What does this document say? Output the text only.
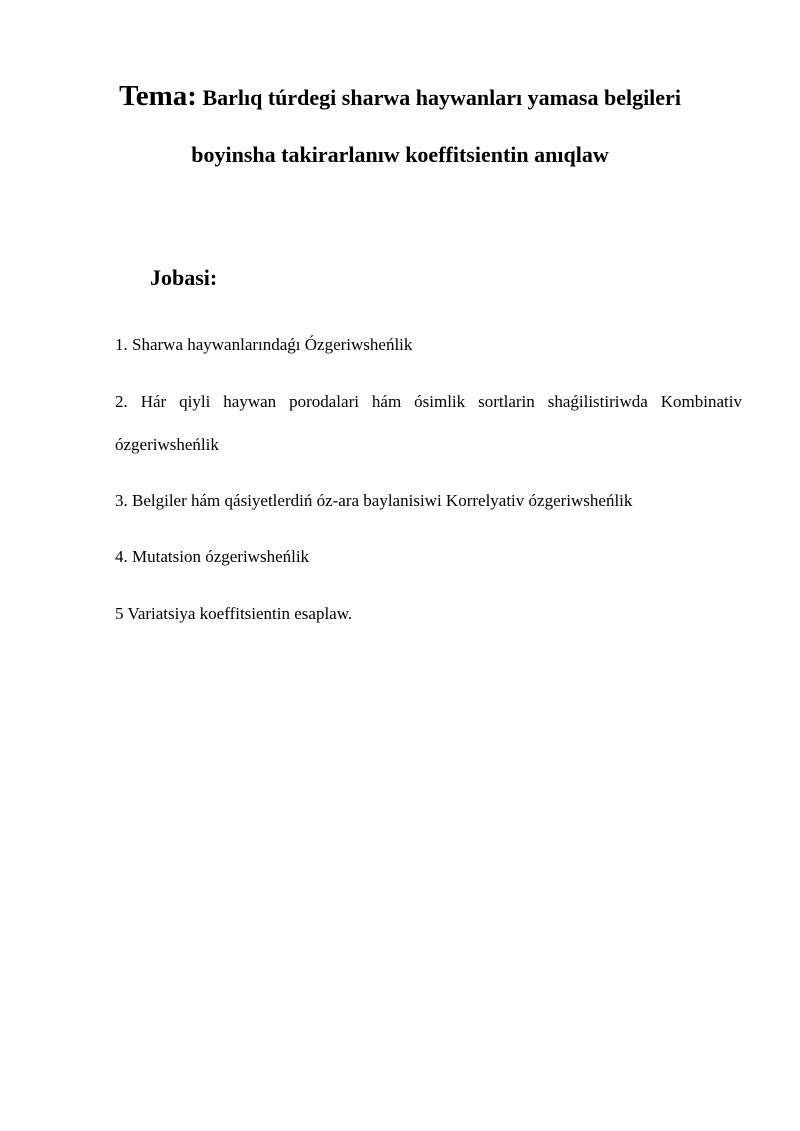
Tema: Barlıq túrdegi sharwa haywanları yamasa belgileri
boyinsha takirarlanıw koeffitsientin anıqlaw
Jobasi:
1. Sharwa haywanlarındaǵı Ózgeriwsheńlik
2. Hár qiyli haywan porodalari hám ósimlik sortlarin shaǵilistiriwda Kombinativ
ózgeriwsheńlik
3. Belgiler hám qásiyetlerdiń óz-ara baylanisiwi Korrelyativ ózgeriwsheńlik
4. Mutatsion ózgeriwsheńlik
5 Variatsiya koeffitsientin esaplaw.
